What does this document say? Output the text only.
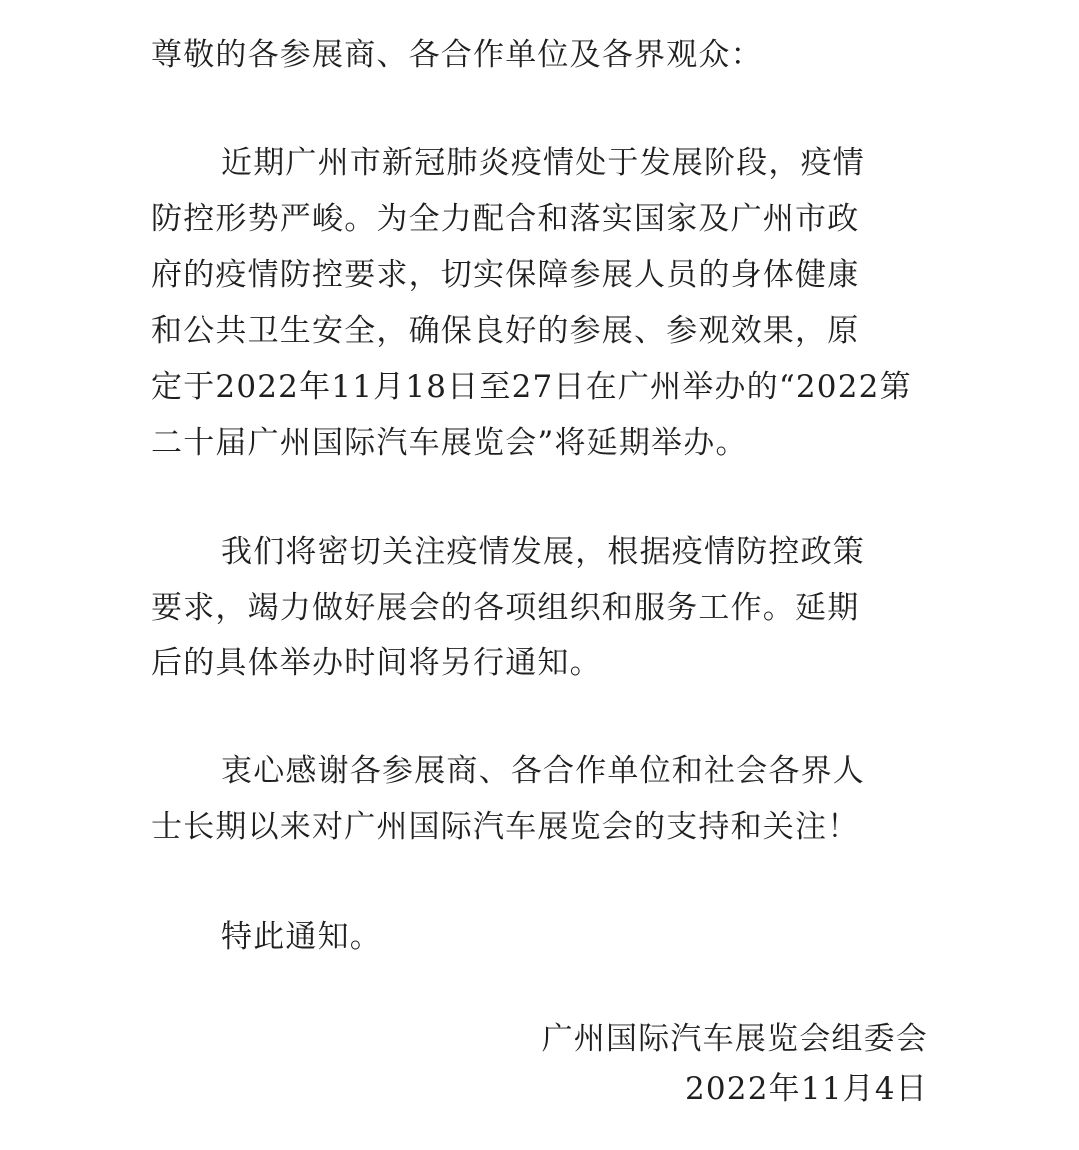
尊敬的各参展商、各合作单位及各界观众：
近期广州市新冠肺炎疫情处于发展阶段，疫情
防控形势严峻。为全力配合和落实国家及广州市政
府的疫情防控要求，切实保障参展人员的身体健康
和公共卫生安全，确保良好的参展、参观效果，原
定于2022年11月18日至27日在广州举办的“2022第
二十届广州国际汽车展览会”将延期举办。
我们将密切关注疫情发展，根据疫情防控政策
要求，竭力做好展会的各项组织和服务工作。延期
后的具体举办时间将另行通知。
衷心感谢各参展商、各合作单位和社会各界人
士长期以来对广州国际汽车展览会的支持和关注！
特此通知。
广州国际汽车展览会组委会
2022年11月4日
